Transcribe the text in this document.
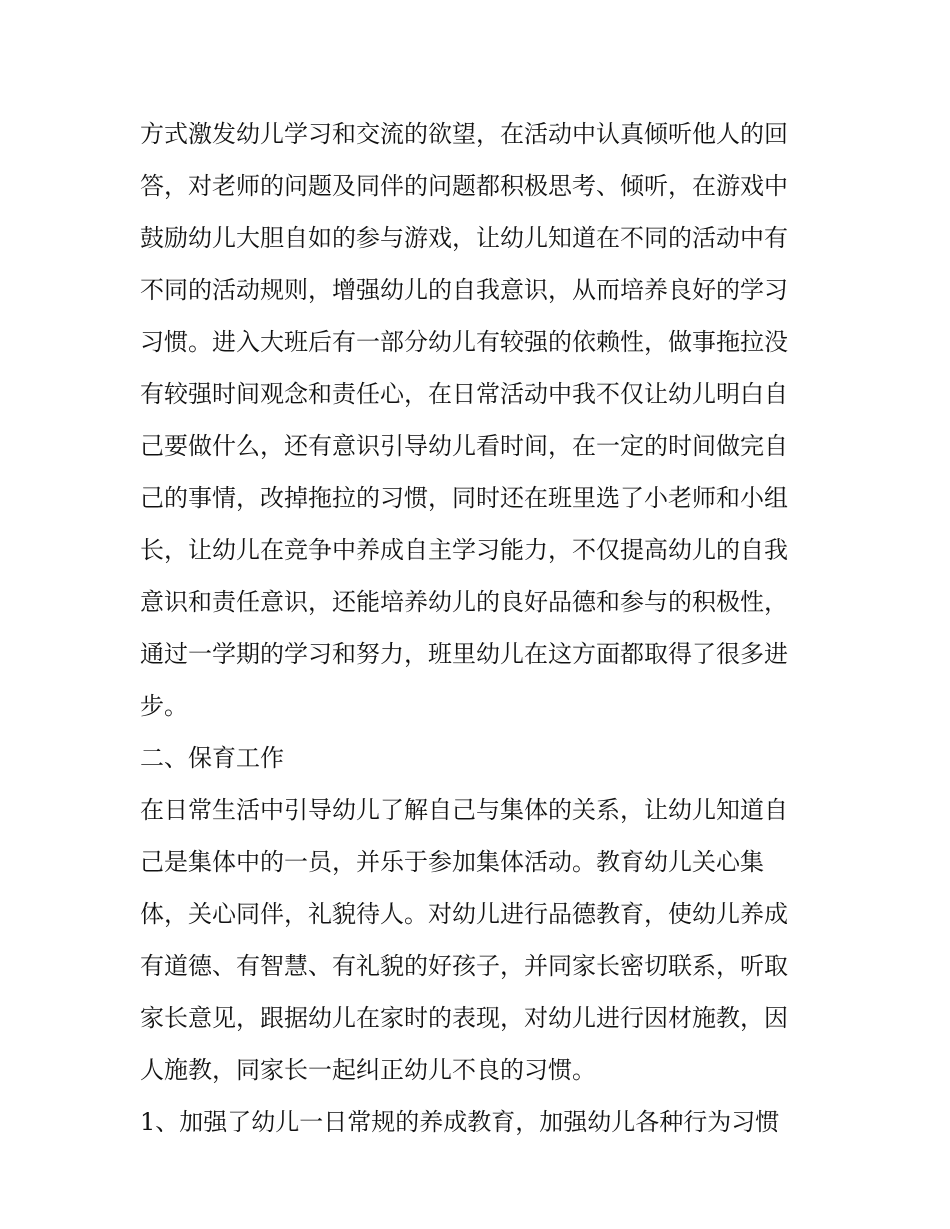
方式激发幼儿学习和交流的欲望，在活动中认真倾听他人的回
答，对老师的问题及同伴的问题都积极思考、倾听，在游戏中
鼓励幼儿大胆自如的参与游戏，让幼儿知道在不同的活动中有
不同的活动规则，增强幼儿的自我意识，从而培养良好的学习
习惯。进入大班后有一部分幼儿有较强的依赖性，做事拖拉没
有较强时间观念和责任心，在日常活动中我不仅让幼儿明白自
己要做什么，还有意识引导幼儿看时间，在一定的时间做完自
己的事情，改掉拖拉的习惯，同时还在班里选了小老师和小组
长，让幼儿在竞争中养成自主学习能力，不仅提高幼儿的自我
意识和责任意识，还能培养幼儿的良好品德和参与的积极性，
通过一学期的学习和努力，班里幼儿在这方面都取得了很多进
步。
二、保育工作
在日常生活中引导幼儿了解自己与集体的关系，让幼儿知道自
己是集体中的一员，并乐于参加集体活动。教育幼儿关心集
体，关心同伴，礼貌待人。对幼儿进行品德教育，使幼儿养成
有道德、有智慧、有礼貌的好孩子，并同家长密切联系，听取
家长意见，跟据幼儿在家时的表现，对幼儿进行因材施教，因
人施教，同家长一起纠正幼儿不良的习惯。
1、加强了幼儿一日常规的养成教育，加强幼儿各种行为习惯
